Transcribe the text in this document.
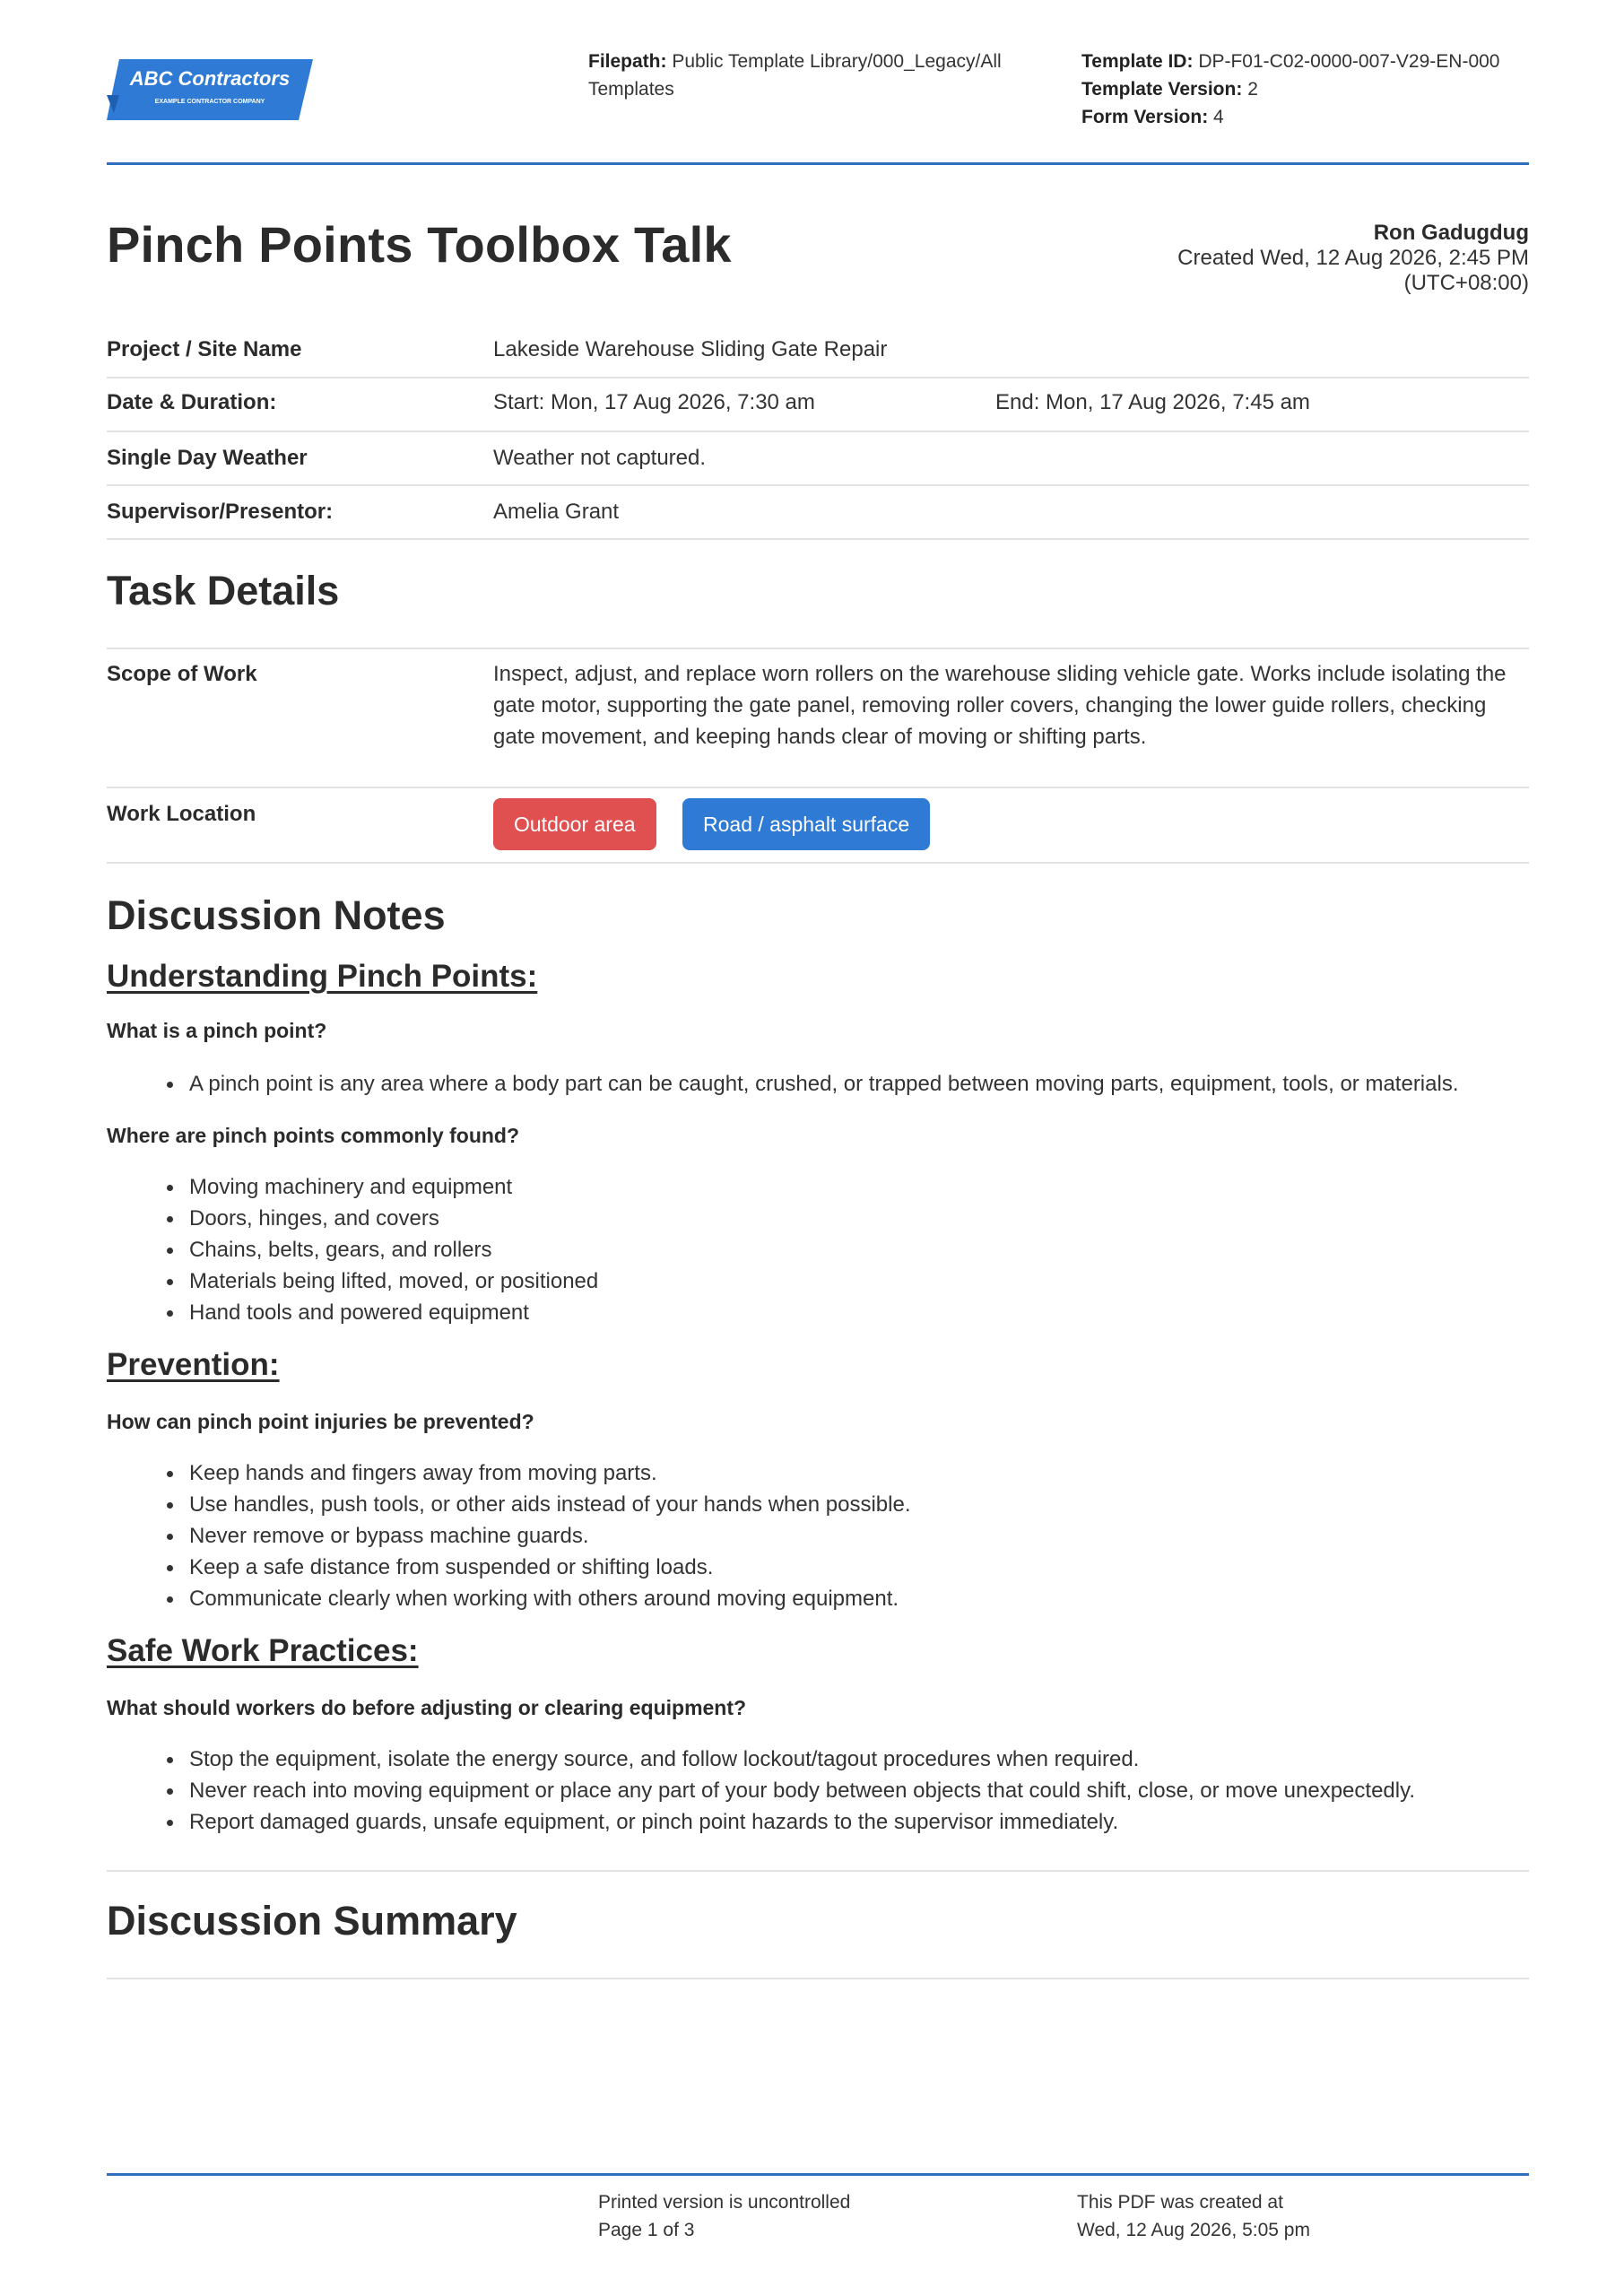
ABC Contractors
EXAMPLE CONTRACTOR COMPANY
Filepath: Public Template Library/000_Legacy/All Templates
Template ID: DP-F01-C02-0000-007-V29-EN-000
Template Version: 2
Form Version: 4
Pinch Points Toolbox Talk	Ron Gadugdug
Created Wed, 12 Aug 2026, 2:45 PM
(UTC+08:00)
Project / Site Name	Lakeside Warehouse Sliding Gate Repair
Date & Duration:	Start: Mon, 17 Aug 2026, 7:30 am	End: Mon, 17 Aug 2026, 7:45 am
Single Day Weather	Weather not captured.
Supervisor/Presentor:	Amelia Grant
Task Details
Scope of Work	Inspect, adjust, and replace worn rollers on the warehouse sliding vehicle gate. Works include isolating the gate motor, supporting the gate panel, removing roller covers, changing the lower guide rollers, checking gate movement, and keeping hands clear of moving or shifting parts.
Work Location	Outdoor area	Road / asphalt surface
Discussion Notes
Understanding Pinch Points:
What is a pinch point?
A pinch point is any area where a body part can be caught, crushed, or trapped between moving parts, equipment, tools, or materials.
Where are pinch points commonly found?
Moving machinery and equipment
Doors, hinges, and covers
Chains, belts, gears, and rollers
Materials being lifted, moved, or positioned
Hand tools and powered equipment
Prevention:
How can pinch point injuries be prevented?
Keep hands and fingers away from moving parts.
Use handles, push tools, or other aids instead of your hands when possible.
Never remove or bypass machine guards.
Keep a safe distance from suspended or shifting loads.
Communicate clearly when working with others around moving equipment.
Safe Work Practices:
What should workers do before adjusting or clearing equipment?
Stop the equipment, isolate the energy source, and follow lockout/tagout procedures when required.
Never reach into moving equipment or place any part of your body between objects that could shift, close, or move unexpectedly.
Report damaged guards, unsafe equipment, or pinch point hazards to the supervisor immediately.
Discussion Summary
Printed version is uncontrolled
Page 1 of 3
This PDF was created at
Wed, 12 Aug 2026, 5:05 pm
